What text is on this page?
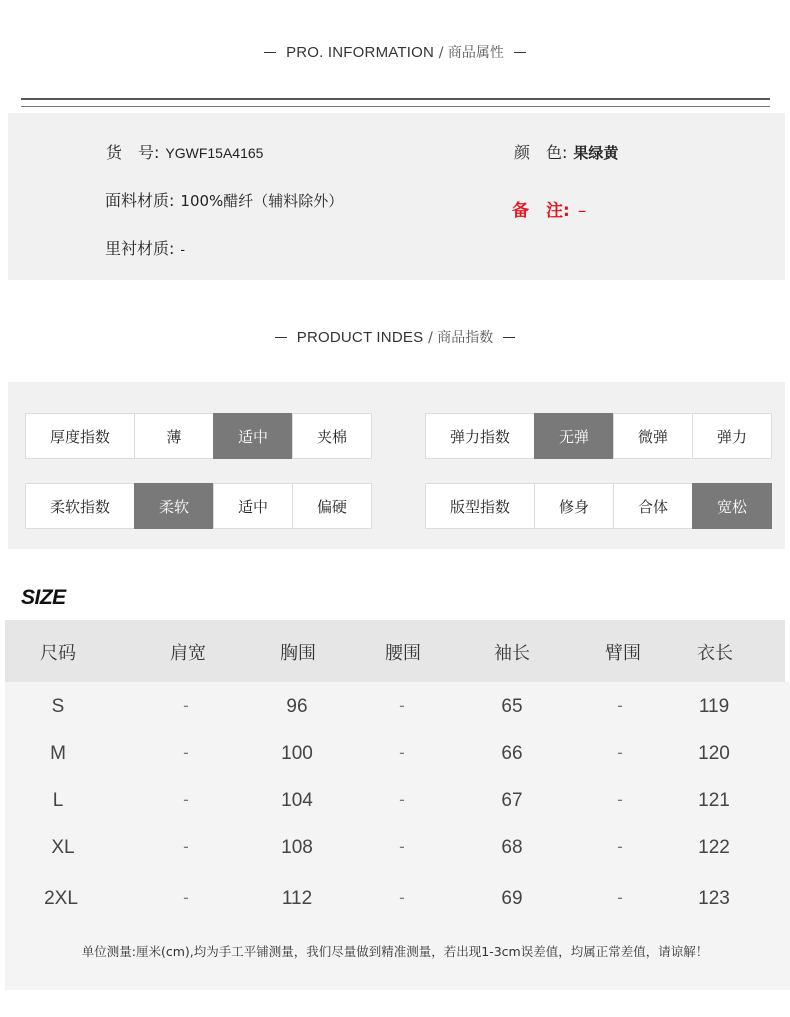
PRO. INFORMATION / 商品属性
货　号: YGWF15A4165	颜　色: 果绿黄
面料材质: 100%醋纤（辅料除外）	备　注: –
里衬材质: -
PRODUCT INDES / 商品指数
厚度指数	薄	适中	夹棉	弹力指数	无弹	微弹	弹力
柔软指数	柔软	适中	偏硬	版型指数	修身	合体	宽松
SIZE
尺码	肩宽	胸围	腰围	袖长	臂围	衣长
S	-	96	-	65	-	119
M	-	100	-	66	-	120
L	-	104	-	67	-	121
XL	-	108	-	68	-	122
2XL	-	112	-	69	-	123
单位测量:厘米(cm),均为手工平铺测量，我们尽量做到精准测量，若出现1-3cm误差值，均属正常差值，请谅解！
